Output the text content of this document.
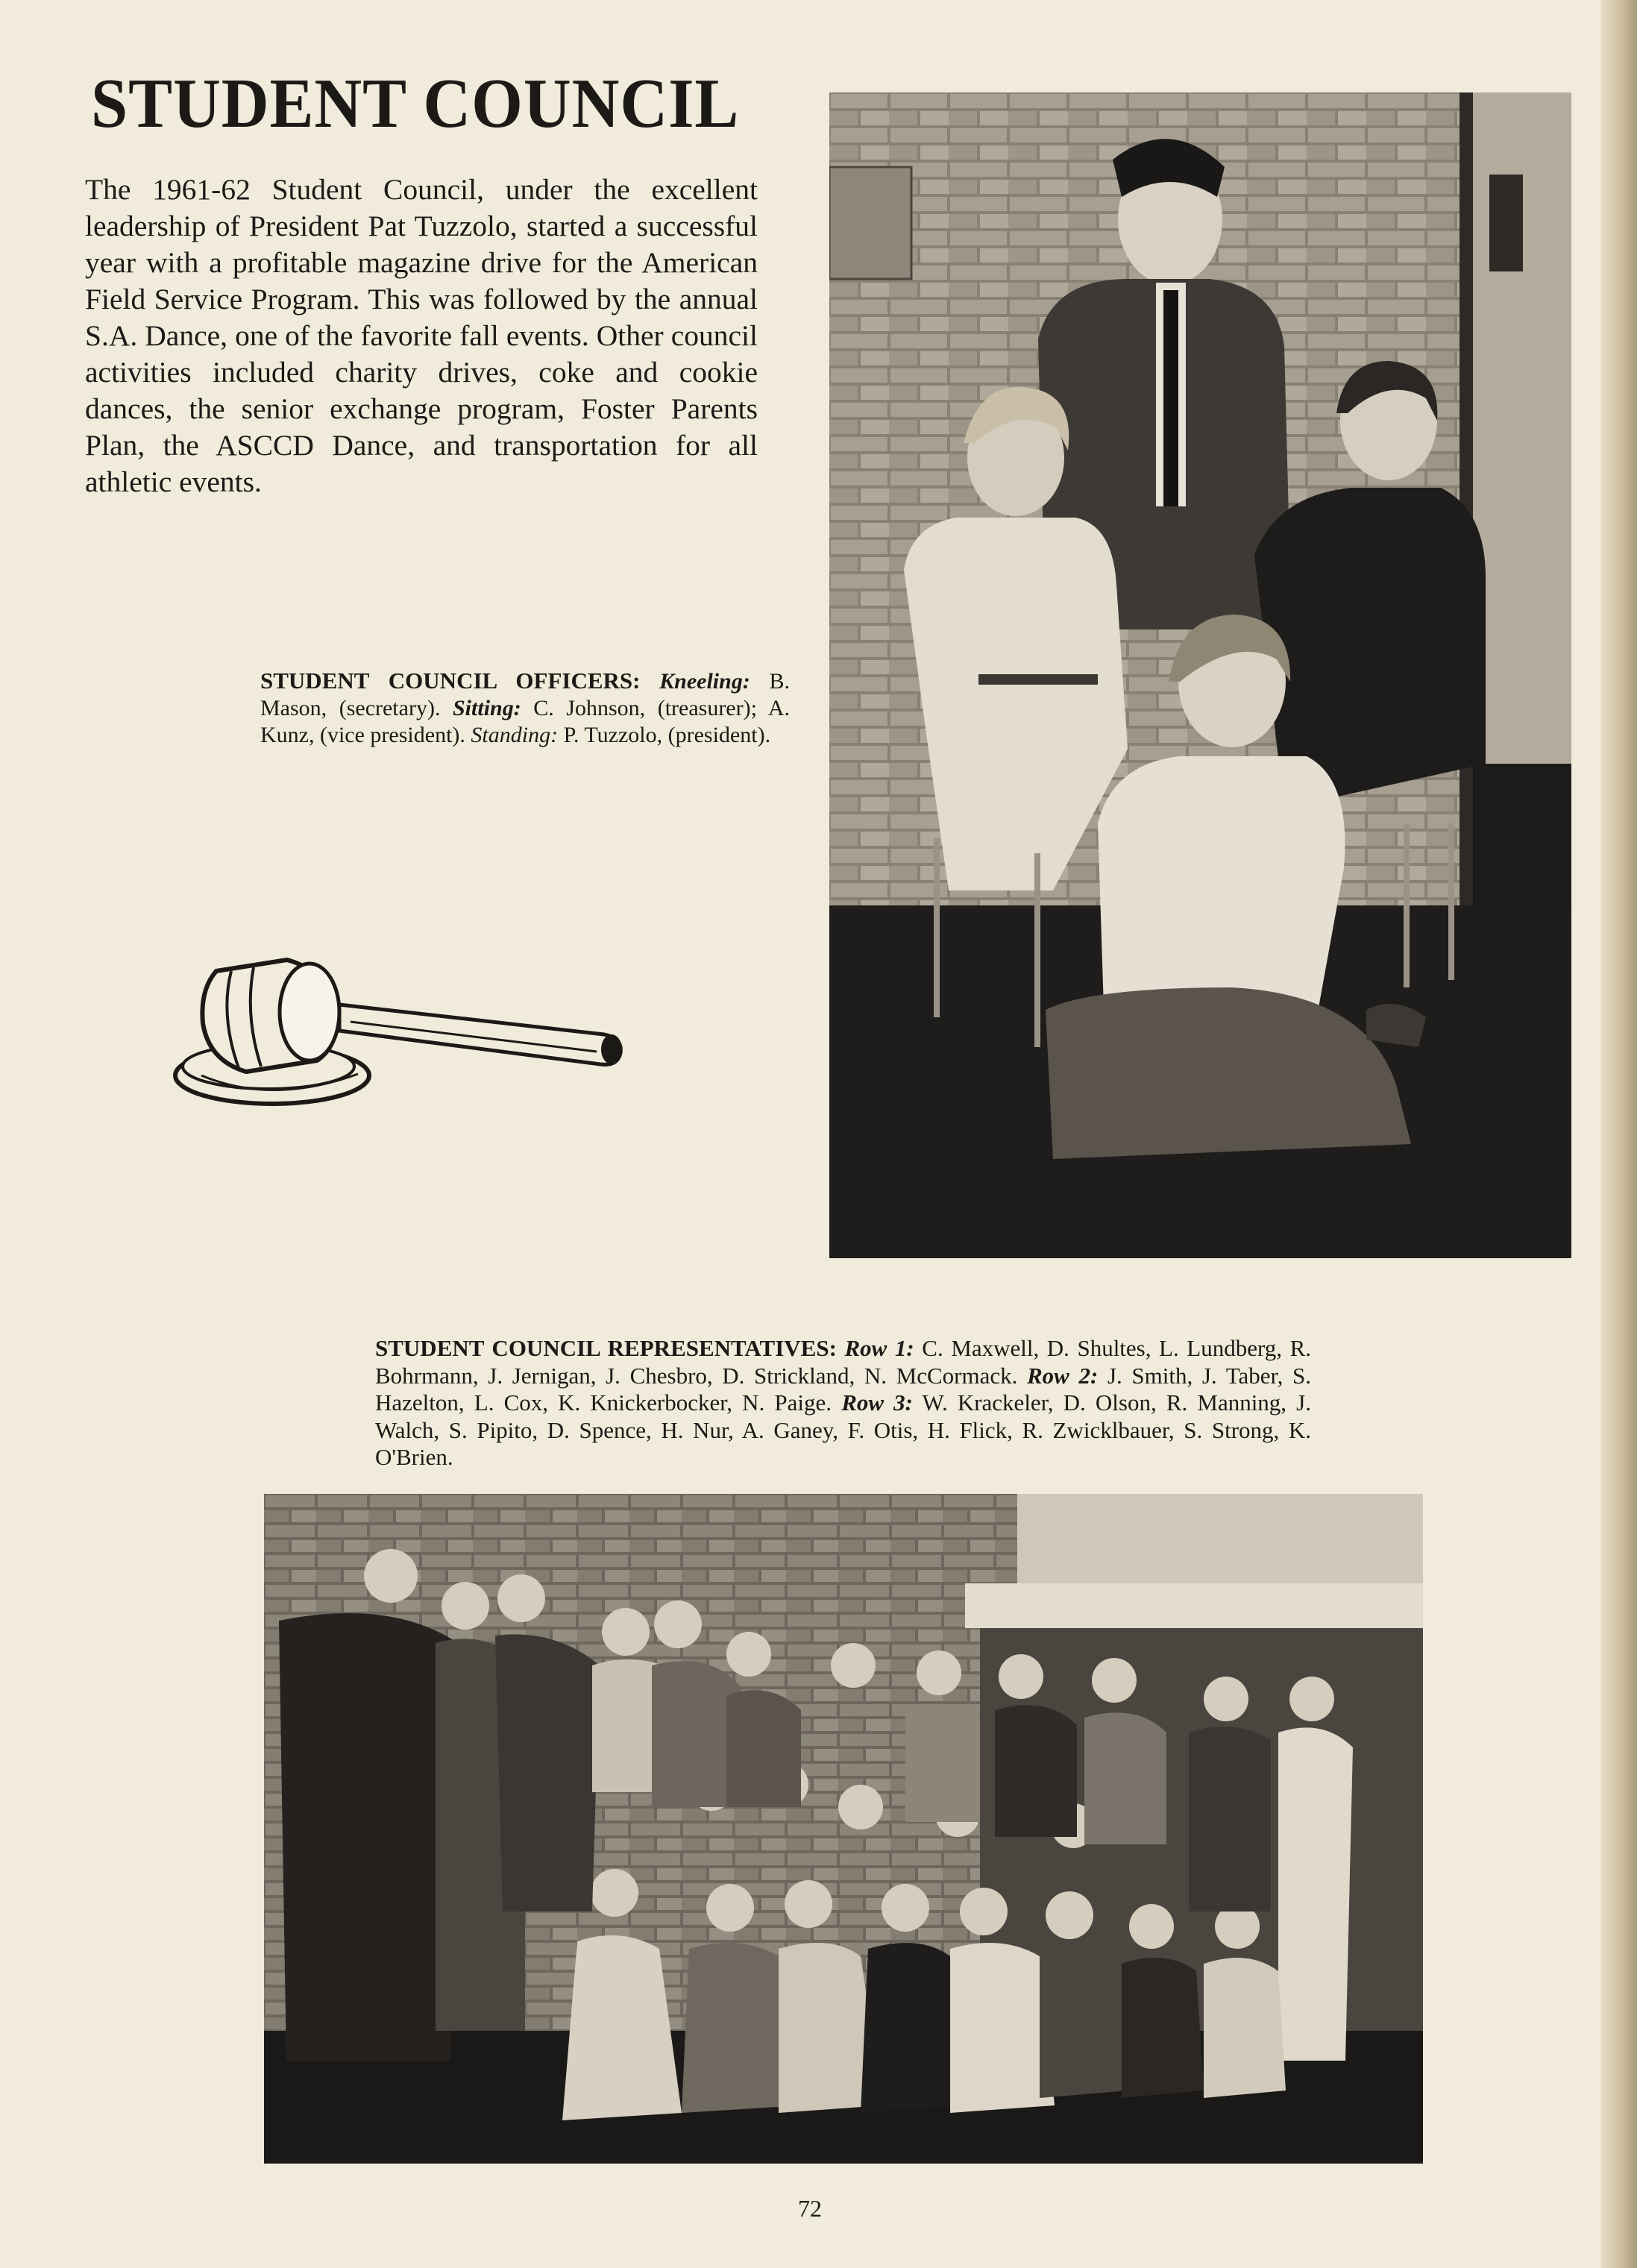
STUDENT COUNCIL

The 1961-62 Student Council, under the excellent leadership of President Pat Tuzzolo, started a successful year with a profitable magazine drive for the American Field Service Program. This was followed by the annual S.A. Dance, one of the favorite fall events. Other council activities included charity drives, coke and cookie dances, the senior exchange program, Foster Parents Plan, the ASCCD Dance, and transportation for all athletic events.

STUDENT COUNCIL OFFICERS: Kneeling: B. Mason, (secretary). Sitting: C. Johnson, (treasurer); A. Kunz, (vice president). Standing: P. Tuzzolo, (president).

STUDENT COUNCIL REPRESENTATIVES: Row 1: C. Maxwell, D. Shultes, L. Lundberg, R. Bohrmann, J. Jernigan, J. Chesbro, D. Strickland, N. McCormack. Row 2: J. Smith, J. Taber, S. Hazelton, L. Cox, K. Knickerbocker, N. Paige. Row 3: W. Krackeler, D. Olson, R. Manning, J. Walch, S. Pipito, D. Spence, H. Nur, A. Ganey, F. Otis, H. Flick, R. Zwicklbauer, S. Strong, K. O'Brien.

72
